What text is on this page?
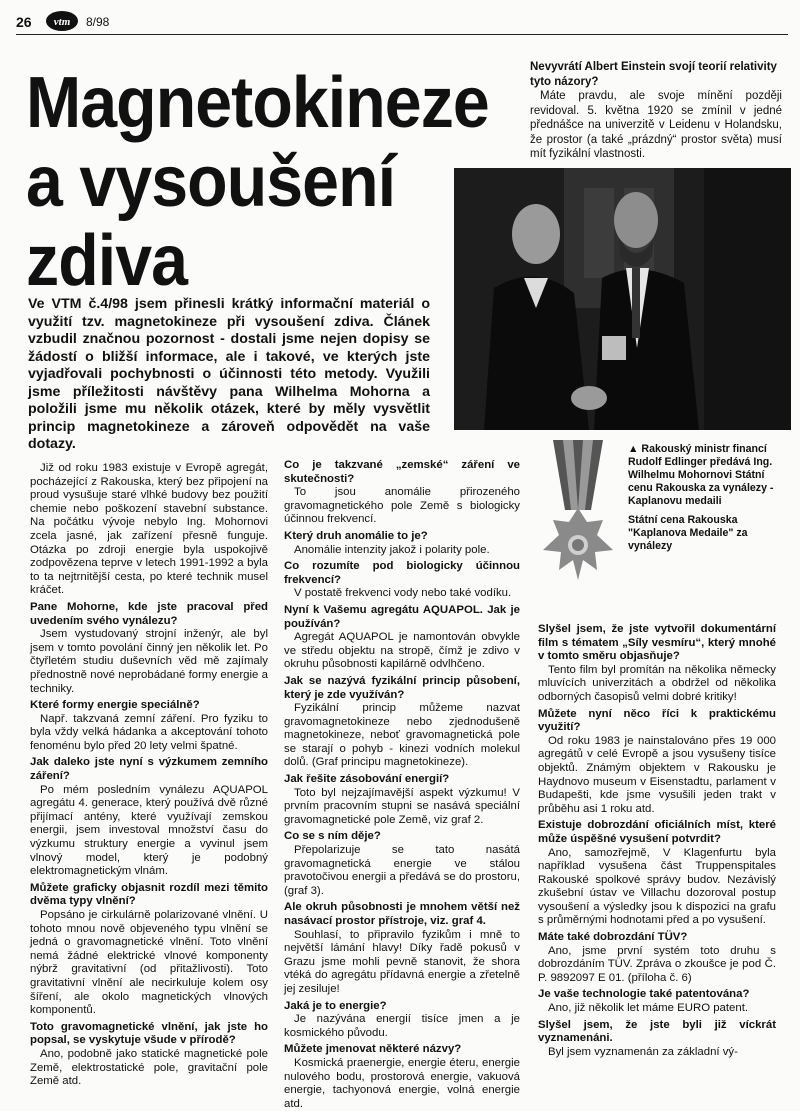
26 vtm 8/98
Magnetokineze
a vysoušení
zdiva

Nevyvrátí Albert Einstein svojí teorií relativity tyto názory?

Máte pravdu, ale svoje mínění později revidoval. 5. května 1920 se zmínil v jedné přednášce na univerzitě v Leidenu v Holandsku, že prostor (a také „prázdný“ prostor světa) musí mít fyzikální vlastnosti.

▲ Rakouský ministr financí Rudolf Edlinger předává Ing. Wilhelmu Mohornovi Státní cenu Rakouska za vynálezy - Kaplanovu medaili

Státní cena Rakouska "Kaplanova Medaile" za vynálezy

Ve VTM č.4/98 jsem přinesli krátký informační materiál o využití tzv. magnetokineze při vysoušení zdiva. Článek vzbudil značnou pozornost - dostali jsme nejen dopisy se žádostí o bližší informace, ale i takové, ve kterých jste vyjadřovali pochybnosti o účinnosti této metody. Využili jsme příležitosti návštěvy pana Wilhelma Mohorna a položili jsme mu několik otázek, které by měly vysvětlit princip magnetokineze a zároveň odpovědět na vaše dotazy.

Již od roku 1983 existuje v Evropě agregát, pocházející z Rakouska, který bez připojení na proud vysušuje staré vlhké budovy bez použití chemie nebo poškození stavební substance. Na počátku vývoje nebylo Ing. Mohornovi zcela jasné, jak zařízení přesně funguje. Otázka po zdroji energie byla uspokojivě zodpovězena teprve v letech 1991-1992 a byla to ta nejtrnitější cesta, po které technik musel kráčet.

Pane Mohorne, kde jste pracoval před uvedením svého vynálezu?

Jsem vystudovaný strojní inženýr, ale byl jsem v tomto povolání činný jen několik let. Po čtyřletém studiu duševních věd mě zajímaly přednostně nové neprobádané formy energie a techniky.

Které formy energie speciálně?

Např. takzvaná zemní záření. Pro fyziku to byla vždy velká hádanka a akceptování tohoto fenoménu bylo před 20 lety velmi špatné.

Jak daleko jste nyní s výzkumem zemního záření?

Po mém posledním vynálezu AQUAPOL agregátu 4. generace, který používá dvě různé přijímací antény, které využívají zemskou energii, jsem investoval množství času do výzkumu struktury energie a vyvinul jsem vlnový model, který je podobný elektromagnetickým vlnám.

Můžete graficky objasnit rozdíl mezi těmito dvěma typy vlnění?

Popsáno je cirkulárně polarizované vlnění. U tohoto mnou nově objeveného typu vlnění se jedná o gravomagnetické vlnění. Toto vlnění nemá žádné elektrické vlnové komponenty nýbrž gravitativní (od přitažlivosti). Toto gravitativní vlnění ale necirkuluje kolem osy šíření, ale okolo magnetických vlnových komponentů.

Toto gravomagnetické vlnění, jak jste ho popsal, se vyskytuje všude v přírodě?

Ano, podobně jako statické magnetické pole Země, elektrostatické pole, gravitační pole Země atd.

Co je takzvané „zemské“ záření ve skutečnosti?

To jsou anomálie přirozeného gravomagnetického pole Země s biologicky účinnou frekvencí.

Který druh anomálie to je?

Anomálie intenzity jakož i polarity pole.

Co rozumíte pod biologicky účinnou frekvencí?

V postatě frekvenci vody nebo také vodíku.

Nyní k Vašemu agregátu AQUAPOL. Jak je používán?

Agregát AQUAPOL je namontován obvykle ve středu objektu na stropě, čímž je zdivo v okruhu působnosti kapilárně odvlhčeno.

Jak se nazývá fyzikální princip působení, který je zde využíván?

Fyzikální princip můžeme nazvat gravomagnetokineze nebo zjednodušeně magnetokineze, neboť gravomagnetická pole se starají o pohyb - kinezi vodních molekul dolů. (Graf principu magnetokineze).

Jak řešite zásobování energií?

Toto byl nejzajímavější aspekt výzkumu! V prvním pracovním stupni se nasává speciální gravomagnetické pole Země, viz graf 2.

Co se s ním děje?

Přepolarizuje se tato nasátá gravomagnetická energie ve stálou pravotočivou energii a předává se do prostoru, (graf 3).

Ale okruh působnosti je mnohem větší než nasávací prostor přístroje, viz. graf 4.

Souhlasí, to připravilo fyzikům i mně to největší lámání hlavy! Díky řadě pokusů v Grazu jsme mohli pevně stanovit, že shora vtéká do agregátu přídavná energie a zřetelně jej zesiluje!

Jaká je to energie?

Je nazývána energií tisíce jmen a je kosmického původu.

Můžete jmenovat některé názvy?

Kosmická praenergie, energie éteru, energie nulového bodu, prostorová energie, vakuová energie, tachyonová energie, volná energie atd.

Slyšel jsem, že jste vytvořil dokumentární film s tématem „Síly vesmíru“, který mnohé v tomto směru objasňuje?

Tento film byl promítán na několika německy mluvících univerzitách a obdržel od několika odborných časopisů velmi dobré kritiky!

Můžete nyní něco říci k praktickému využití?

Od roku 1983 je nainstalováno přes 19 000 agregátů v celé Evropě a jsou vysušeny tisíce objektů. Známým objektem v Rakousku je Haydnovo museum v Eisenstadtu, parlament v Budapešti, kde jsme vysušili jeden trakt v průběhu asi 1 roku atd.

Existuje dobrozdání oficiálních míst, které může úspěšné vysušení potvrdit?

Ano, samozřejmě, V Klagenfurtu byla například vysušena část Truppenspitales Rakouské spolkové správy budov. Nezávislý zkušební ústav ve Villachu dozoroval postup vysoušení a výsledky jsou k dispozici na grafu s průměrnými hodnotami před a po vysušení.

Máte také dobrozdání TÜV?

Ano, jsme první systém toto druhu s dobrozdáním TÜV. Zpráva o zkoušce je pod Č. P. 9892097 E 01. (příloha č. 6)

Je vaše technologie také patentována?

Ano, již několik let máme EURO patent.

Slyšel jsem, že jste byli již víckrát vyznamenáni.

Byl jsem vyznamenán za základní vý-
